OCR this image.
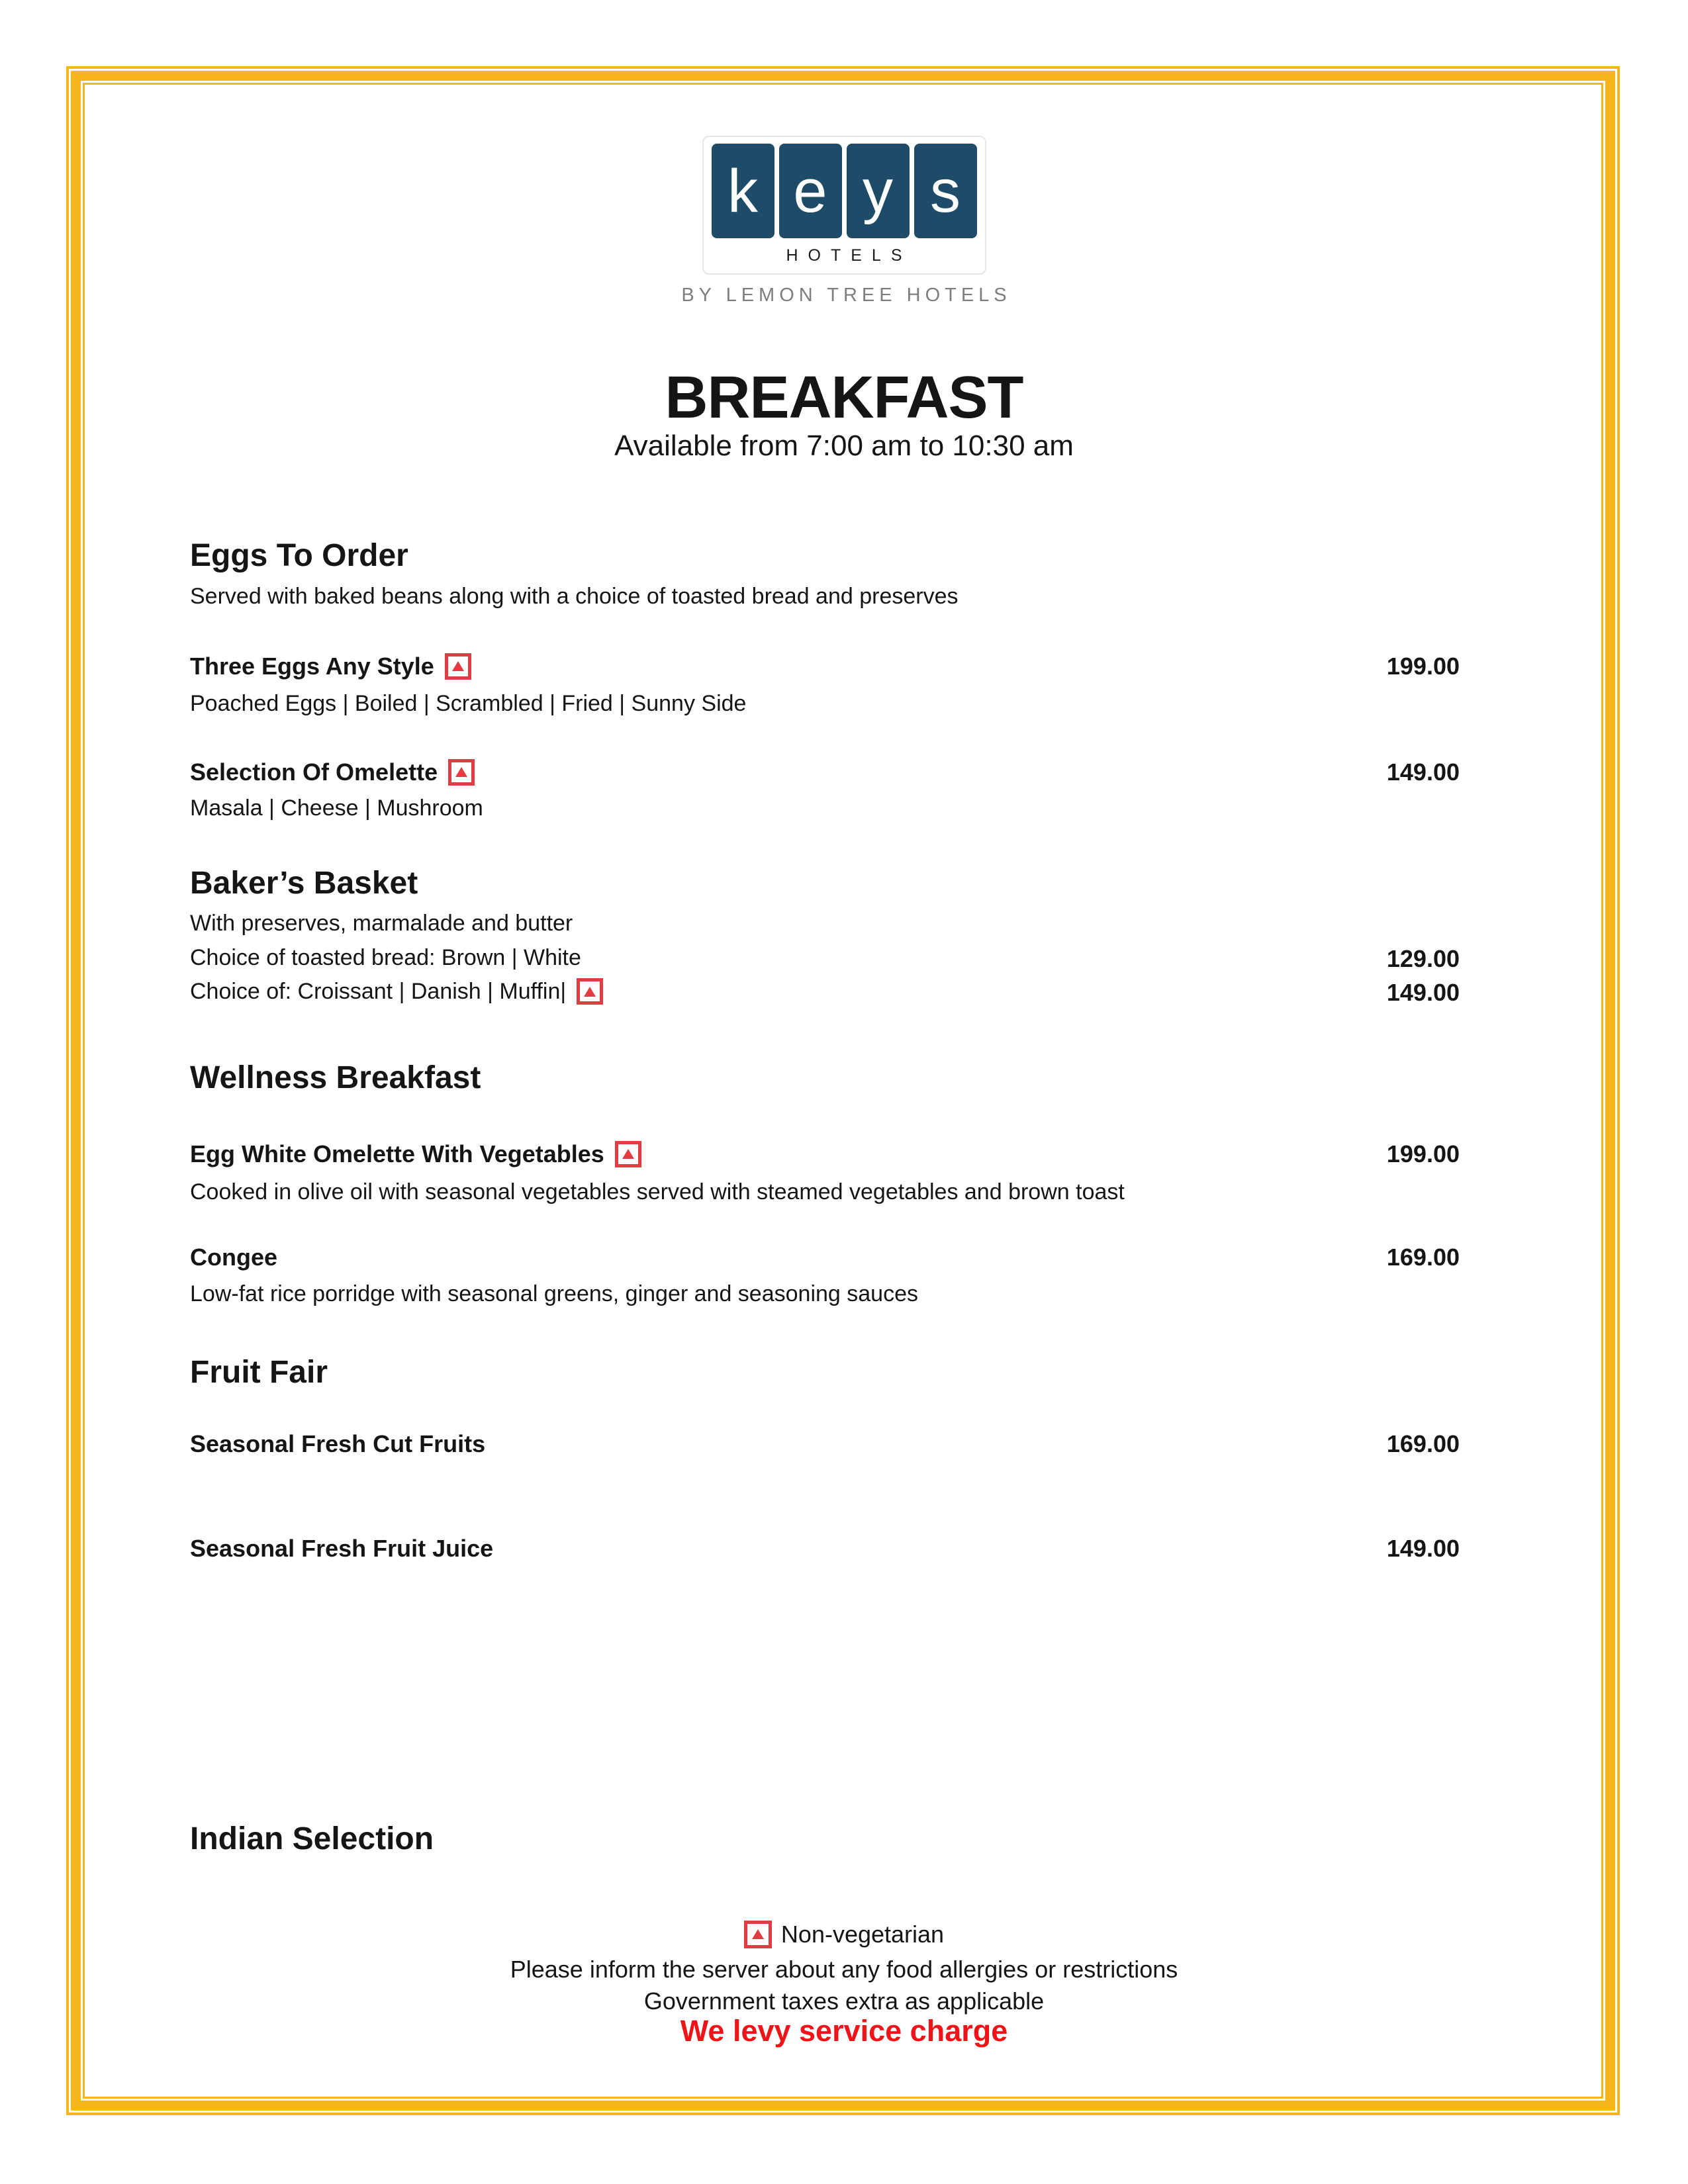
k e y s
HOTELS
BY LEMON TREE HOTELS
BREAKFAST
Available from 7:00 am to 10:30 am
Eggs To Order
Served with baked beans along with a choice of toasted bread and preserves
Three Eggs Any Style	199.00
Poached Eggs | Boiled | Scrambled | Fried | Sunny Side
Selection Of Omelette	149.00
Masala | Cheese | Mushroom
Baker’s Basket
With preserves, marmalade and butter
Choice of toasted bread: Brown | White	129.00
Choice of: Croissant | Danish | Muffin|	149.00
Wellness Breakfast
Egg White Omelette With Vegetables	199.00
Cooked in olive oil with seasonal vegetables served with steamed vegetables and brown toast
Congee	169.00
Low-fat rice porridge with seasonal greens, ginger and seasoning sauces
Fruit Fair
Seasonal Fresh Cut Fruits	169.00
Seasonal Fresh Fruit Juice	149.00
Indian Selection
Non-vegetarian
Please inform the server about any food allergies or restrictions
Government taxes extra as applicable
We levy service charge
